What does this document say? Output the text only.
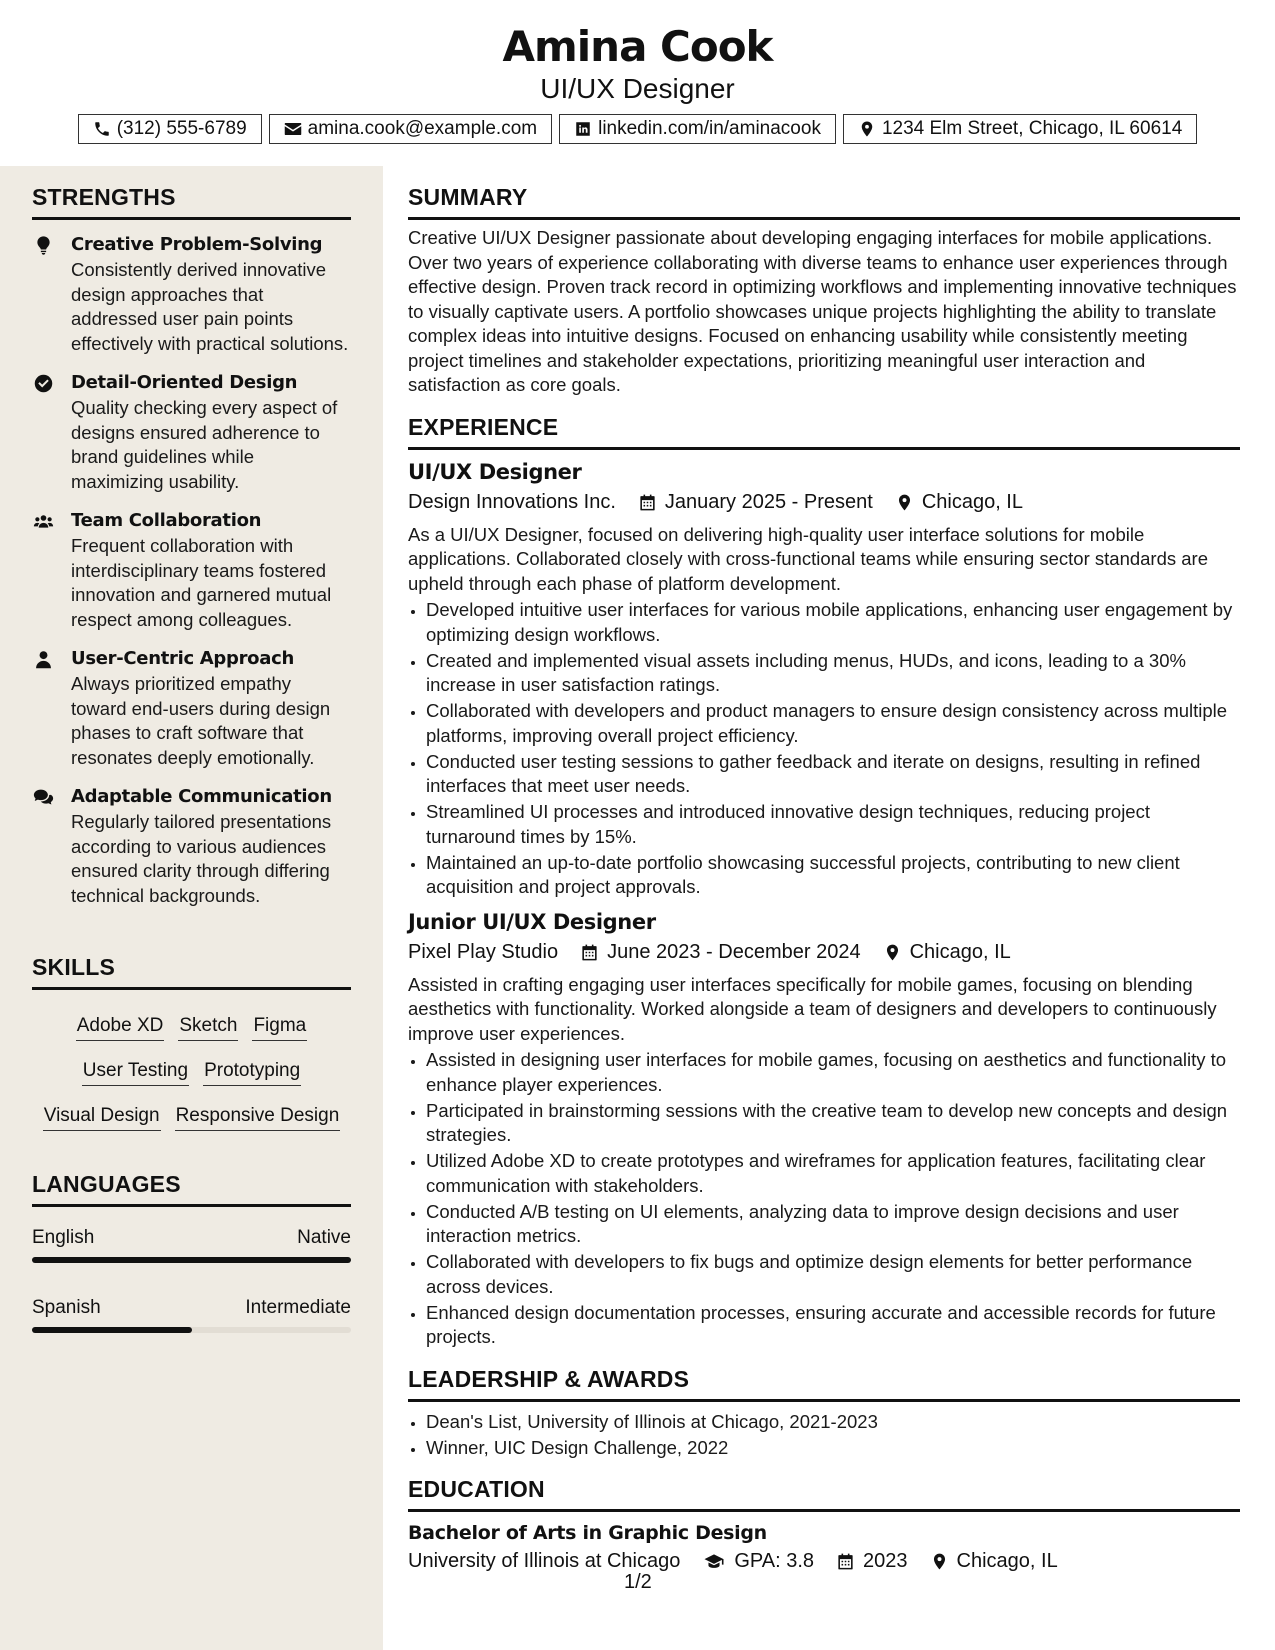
Amina Cook
UI/UX Designer
(312) 555-6789	amina.cook@example.com	linkedin.com/in/aminacook	1234 Elm Street, Chicago, IL 60614
STRENGTHS
Creative Problem-Solving
Consistently derived innovative design approaches that addressed user pain points effectively with practical solutions.
Detail-Oriented Design
Quality checking every aspect of designs ensured adherence to brand guidelines while maximizing usability.
Team Collaboration
Frequent collaboration with interdisciplinary teams fostered innovation and garnered mutual respect among colleagues.
User-Centric Approach
Always prioritized empathy toward end-users during design phases to craft software that resonates deeply emotionally.
Adaptable Communication
Regularly tailored presentations according to various audiences ensured clarity through differing technical backgrounds.
SKILLS
Adobe XD Sketch Figma
User Testing Prototyping
Visual Design Responsive Design
LANGUAGES
English	Native
Spanish	Intermediate
SUMMARY
Creative UI/UX Designer passionate about developing engaging interfaces for mobile applications. Over two years of experience collaborating with diverse teams to enhance user experiences through effective design. Proven track record in optimizing workflows and implementing innovative techniques to visually captivate users. A portfolio showcases unique projects highlighting the ability to translate complex ideas into intuitive designs. Focused on enhancing usability while consistently meeting project timelines and stakeholder expectations, prioritizing meaningful user interaction and satisfaction as core goals.
EXPERIENCE
UI/UX Designer
Design Innovations Inc. January 2025 - Present Chicago, IL
As a UI/UX Designer, focused on delivering high-quality user interface solutions for mobile applications. Collaborated closely with cross-functional teams while ensuring sector standards are upheld through each phase of platform development.
• Developed intuitive user interfaces for various mobile applications, enhancing user engagement by optimizing design workflows.
• Created and implemented visual assets including menus, HUDs, and icons, leading to a 30% increase in user satisfaction ratings.
• Collaborated with developers and product managers to ensure design consistency across multiple platforms, improving overall project efficiency.
• Conducted user testing sessions to gather feedback and iterate on designs, resulting in refined interfaces that meet user needs.
• Streamlined UI processes and introduced innovative design techniques, reducing project turnaround times by 15%.
• Maintained an up-to-date portfolio showcasing successful projects, contributing to new client acquisition and project approvals.
Junior UI/UX Designer
Pixel Play Studio June 2023 - December 2024 Chicago, IL
Assisted in crafting engaging user interfaces specifically for mobile games, focusing on blending aesthetics with functionality. Worked alongside a team of designers and developers to continuously improve user experiences.
• Assisted in designing user interfaces for mobile games, focusing on aesthetics and functionality to enhance player experiences.
• Participated in brainstorming sessions with the creative team to develop new concepts and design strategies.
• Utilized Adobe XD to create prototypes and wireframes for application features, facilitating clear communication with stakeholders.
• Conducted A/B testing on UI elements, analyzing data to improve design decisions and user interaction metrics.
• Collaborated with developers to fix bugs and optimize design elements for better performance across devices.
• Enhanced design documentation processes, ensuring accurate and accessible records for future projects.
LEADERSHIP & AWARDS
• Dean's List, University of Illinois at Chicago, 2021-2023
• Winner, UIC Design Challenge, 2022
EDUCATION
Bachelor of Arts in Graphic Design
University of Illinois at Chicago	GPA: 3.8 2023 Chicago, IL
1/2
